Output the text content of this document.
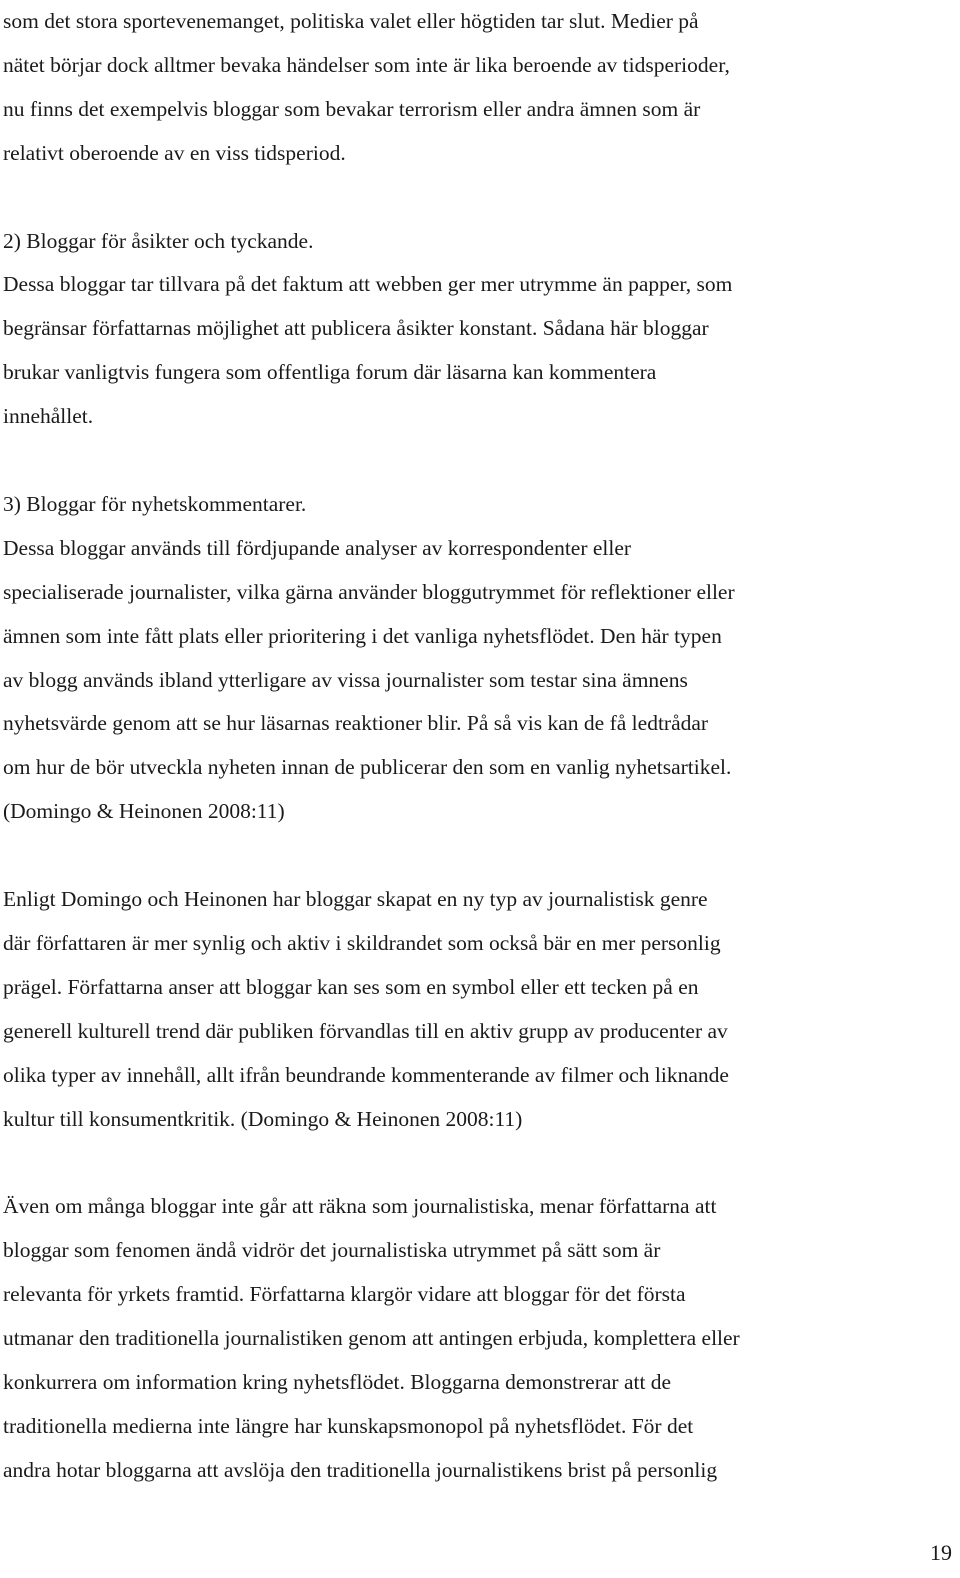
som det stora sportevenemanget, politiska valet eller högtiden tar slut. Medier på
nätet börjar dock alltmer bevaka händelser som inte är lika beroende av tidsperioder,
nu finns det exempelvis bloggar som bevakar terrorism eller andra ämnen som är
relativt oberoende av en viss tidsperiod.

2) Bloggar för åsikter och tyckande.
Dessa bloggar tar tillvara på det faktum att webben ger mer utrymme än papper, som
begränsar författarnas möjlighet att publicera åsikter konstant. Sådana här bloggar
brukar vanligtvis fungera som offentliga forum där läsarna kan kommentera
innehållet.

3) Bloggar för nyhetskommentarer.
Dessa bloggar används till fördjupande analyser av korrespondenter eller
specialiserade journalister, vilka gärna använder bloggutrymmet för reflektioner eller
ämnen som inte fått plats eller prioritering i det vanliga nyhetsflödet. Den här typen
av blogg används ibland ytterligare av vissa journalister som testar sina ämnens
nyhetsvärde genom att se hur läsarnas reaktioner blir. På så vis kan de få ledtrådar
om hur de bör utveckla nyheten innan de publicerar den som en vanlig nyhetsartikel.
(Domingo & Heinonen 2008:11)

Enligt Domingo och Heinonen har bloggar skapat en ny typ av journalistisk genre
där författaren är mer synlig och aktiv i skildrandet som också bär en mer personlig
prägel. Författarna anser att bloggar kan ses som en symbol eller ett tecken på en
generell kulturell trend där publiken förvandlas till en aktiv grupp av producenter av
olika typer av innehåll, allt ifrån beundrande kommenterande av filmer och liknande
kultur till konsumentkritik. (Domingo & Heinonen 2008:11)

Även om många bloggar inte går att räkna som journalistiska, menar författarna att
bloggar som fenomen ändå vidrör det journalistiska utrymmet på sätt som är
relevanta för yrkets framtid. Författarna klargör vidare att bloggar för det första
utmanar den traditionella journalistiken genom att antingen erbjuda, komplettera eller
konkurrera om information kring nyhetsflödet. Bloggarna demonstrerar att de
traditionella medierna inte längre har kunskapsmonopol på nyhetsflödet. För det
andra hotar bloggarna att avslöja den traditionella journalistikens brist på personlig

19
